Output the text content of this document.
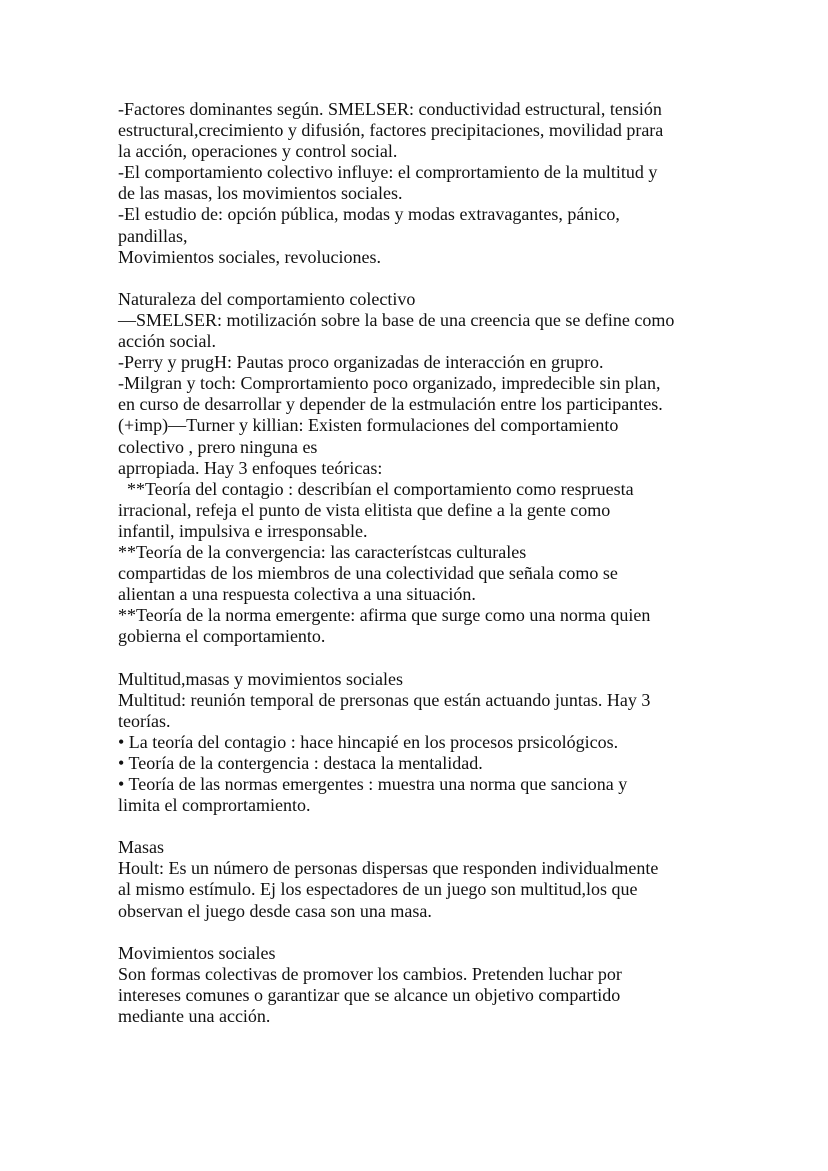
-Factores dominantes según. SMELSER: conductividad estructural, tensión
estructural,crecimiento y difusión, factores precipitaciones, movilidad prara
la acción, operaciones y control social.
-El comportamiento colectivo influye: el comprortamiento de la multitud y
de las masas, los movimientos sociales.
-El estudio de: opción pública, modas y modas extravagantes, pánico,
pandillas,
Movimientos sociales, revoluciones.
Naturaleza del comportamiento colectivo
—SMELSER: motilización sobre la base de una creencia que se define como
acción social.
-Perry y prugH: Pautas proco organizadas de interacción en grupro.
-Milgran y toch: Comprortamiento poco organizado, impredecible sin plan,
en curso de desarrollar y depender de la estmulación entre los participantes.
(+imp)—Turner y killian: Existen formulaciones del comportamiento
colectivo , prero ninguna es
aprropiada. Hay 3 enfoques teóricas:
**Teoría del contagio : describían el comportamiento como respruesta
irracional, refeja el punto de vista elitista que define a la gente como
infantil, impulsiva e irresponsable.
**Teoría de la convergencia: las característcas culturales
compartidas de los miembros de una colectividad que señala como se
alientan a una respuesta colectiva a una situación.
**Teoría de la norma emergente: afirma que surge como una norma quien
gobierna el comportamiento.
Multitud,masas y movimientos sociales
Multitud: reunión temporal de prersonas que están actuando juntas. Hay 3
teorías.
• La teoría del contagio : hace hincapié en los procesos prsicológicos.
• Teoría de la contergencia : destaca la mentalidad.
• Teoría de las normas emergentes : muestra una norma que sanciona y
limita el comprortamiento.
Masas
Hoult: Es un número de personas dispersas que responden individualmente
al mismo estímulo. Ej los espectadores de un juego son multitud,los que
observan el juego desde casa son una masa.
Movimientos sociales
Son formas colectivas de promover los cambios. Pretenden luchar por
intereses comunes o garantizar que se alcance un objetivo compartido
mediante una acción.
